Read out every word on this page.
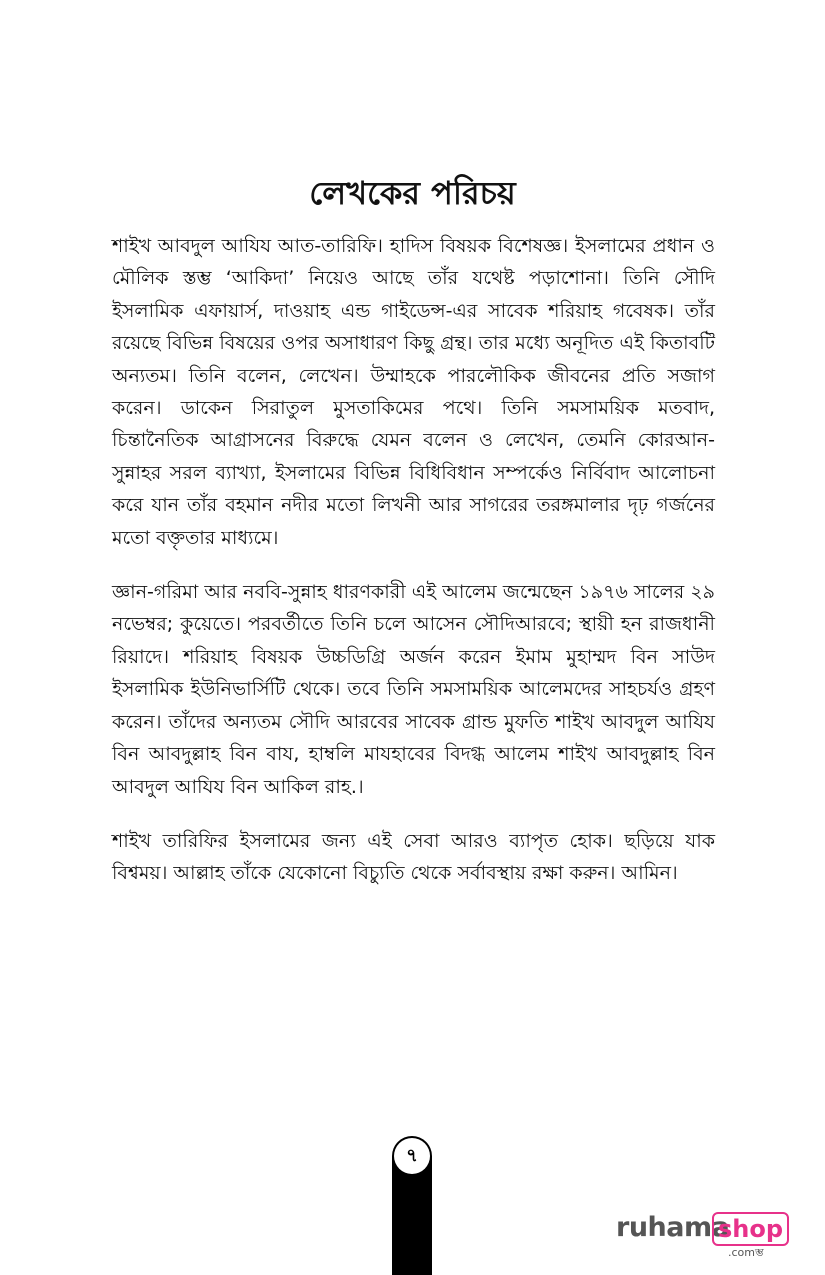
লেখকের পরিচয়

শাইখ আবদুল আযিয আত-তারিফি। হাদিস বিষয়ক বিশেষজ্ঞ। ইসলামের প্রধান ও মৌলিক স্তম্ভ ‘আকিদা’ নিয়েও আছে তাঁর যথেষ্ট পড়াশোনা। তিনি সৌদি ইসলামিক এফায়ার্স, দাওয়াহ এন্ড গাইডেন্স-এর সাবেক শরিয়াহ গবেষক। তাঁর রয়েছে বিভিন্ন বিষয়ের ওপর অসাধারণ কিছু গ্রন্থ। তার মধ্যে অনূদিত এই কিতাবটি অন্যতম। তিনি বলেন, লেখেন। উম্মাহকে পারলৌকিক জীবনের প্রতি সজাগ করেন। ডাকেন সিরাতুল মুসতাকিমের পথে। তিনি সমসাময়িক মতবাদ, চিন্তানৈতিক আগ্রাসনের বিরুদ্ধে যেমন বলেন ও লেখেন, তেমনি কোরআন-সুন্নাহর সরল ব্যাখ্যা, ইসলামের বিভিন্ন বিধিবিধান সম্পর্কেও নির্বিবাদ আলোচনা করে যান তাঁর বহমান নদীর মতো লিখনী আর সাগরের তরঙ্গমালার দৃঢ় গর্জনের মতো বক্তৃতার মাধ্যমে।

জ্ঞান-গরিমা আর নববি-সুন্নাহ ধারণকারী এই আলেম জন্মেছেন ১৯৭৬ সালের ২৯ নভেম্বর; কুয়েতে। পরবর্তীতে তিনি চলে আসেন সৌদিআরবে; স্থায়ী হন রাজধানী রিয়াদে। শরিয়াহ বিষয়ক উচ্চডিগ্রি অর্জন করেন ইমাম মুহাম্মদ বিন সাউদ ইসলামিক ইউনিভার্সিটি থেকে। তবে তিনি সমসাময়িক আলেমদের সাহচর্যও গ্রহণ করেন। তাঁদের অন্যতম সৌদি আরবের সাবেক গ্রান্ড মুফতি শাইখ আবদুল আযিয বিন আবদুল্লাহ বিন বায, হাম্বলি মাযহাবের বিদগ্ধ আলেম শাইখ আবদুল্লাহ বিন আবদুল আযিয বিন আকিল রাহ.।

শাইখ তারিফির ইসলামের জন্য এই সেবা আরও ব্যাপৃত হোক। ছড়িয়ে যাক বিশ্বময়। আল্লাহ তাঁকে যেকোনো বিচ্যুতি থেকে সর্বাবস্থায় রক্ষা করুন। আমিন।

৭
ruhama
shop
.comম্ভ
